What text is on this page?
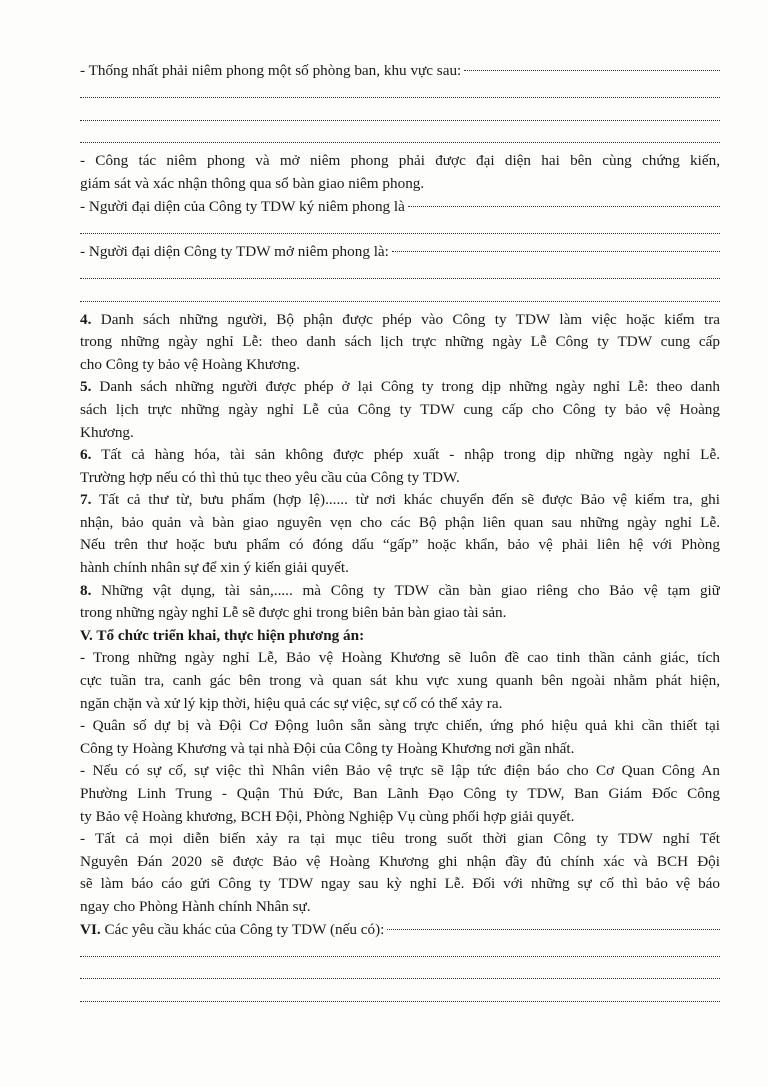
- Thống nhất phải niêm phong một số phòng ban, khu vực sau:
- Công tác niêm phong và mở niêm phong phải được đại diện hai bên cùng chứng kiến,
giám sát và xác nhận thông qua sổ bàn giao niêm phong.
- Người đại diện của Công ty TDW ký niêm phong là
- Người đại diện Công ty TDW mở niêm phong là:
4. Danh sách những người, Bộ phận được phép vào Công ty TDW làm việc hoặc kiểm tra
trong những ngày nghỉ Lễ: theo danh sách lịch trực những ngày Lễ Công ty TDW cung cấp
cho Công ty bảo vệ Hoàng Khương.
5. Danh sách những người được phép ở lại Công ty trong dịp những ngày nghỉ Lễ: theo danh
sách lịch trực những ngày nghỉ Lễ của Công ty TDW cung cấp cho Công ty bảo vệ Hoàng
Khương.
6. Tất cả hàng hóa, tài sản không được phép xuất - nhập trong dịp những ngày nghỉ Lễ.
Trường hợp nếu có thì thủ tục theo yêu cầu của Công ty TDW.
7. Tất cả thư từ, bưu phẩm (hợp lệ)...... từ nơi khác chuyển đến sẽ được Bảo vệ kiểm tra, ghi
nhận, bảo quản và bàn giao nguyên vẹn cho các Bộ phận liên quan sau những ngày nghỉ Lễ.
Nếu trên thư hoặc bưu phẩm có đóng dấu “gấp” hoặc khẩn, bảo vệ phải liên hệ với Phòng
hành chính nhân sự để xin ý kiến giải quyết.
8. Những vật dụng, tài sản,..... mà Công ty TDW cần bàn giao riêng cho Bảo vệ tạm giữ
trong những ngày nghỉ Lễ sẽ được ghi trong biên bản bàn giao tài sản.
V. Tổ chức triển khai, thực hiện phương án:
- Trong những ngày nghỉ Lễ, Bảo vệ Hoàng Khương sẽ luôn đề cao tinh thần cảnh giác, tích
cực tuần tra, canh gác bên trong và quan sát khu vực xung quanh bên ngoài nhằm phát hiện,
ngăn chặn và xử lý kịp thời, hiệu quả các sự việc, sự cố có thể xảy ra.
- Quân số dự bị và Đội Cơ Động luôn sẵn sàng trực chiến, ứng phó hiệu quả khi cần thiết tại
Công ty Hoàng Khương và tại nhà Đội của Công ty Hoàng Khương nơi gần nhất.
- Nếu có sự cố, sự việc thì Nhân viên Bảo vệ trực sẽ lập tức điện báo cho Cơ Quan Công An
Phường Linh Trung - Quận Thủ Đức, Ban Lãnh Đạo Công ty TDW, Ban Giám Đốc Công
ty Bảo vệ Hoàng khương, BCH Đội, Phòng Nghiệp Vụ cùng phối hợp giải quyết.
- Tất cả mọi diễn biến xảy ra tại mục tiêu trong suốt thời gian Công ty TDW nghỉ Tết
Nguyên Đán 2020 sẽ được Bảo vệ Hoàng Khương ghi nhận đầy đủ chính xác và BCH Đội
sẽ làm báo cáo gửi Công ty TDW ngay sau kỳ nghỉ Lễ. Đối với những sự cố thì bảo vệ báo
ngay cho Phòng Hành chính Nhân sự.
VI.
Các yêu cầu khác của Công ty TDW (nếu có):
